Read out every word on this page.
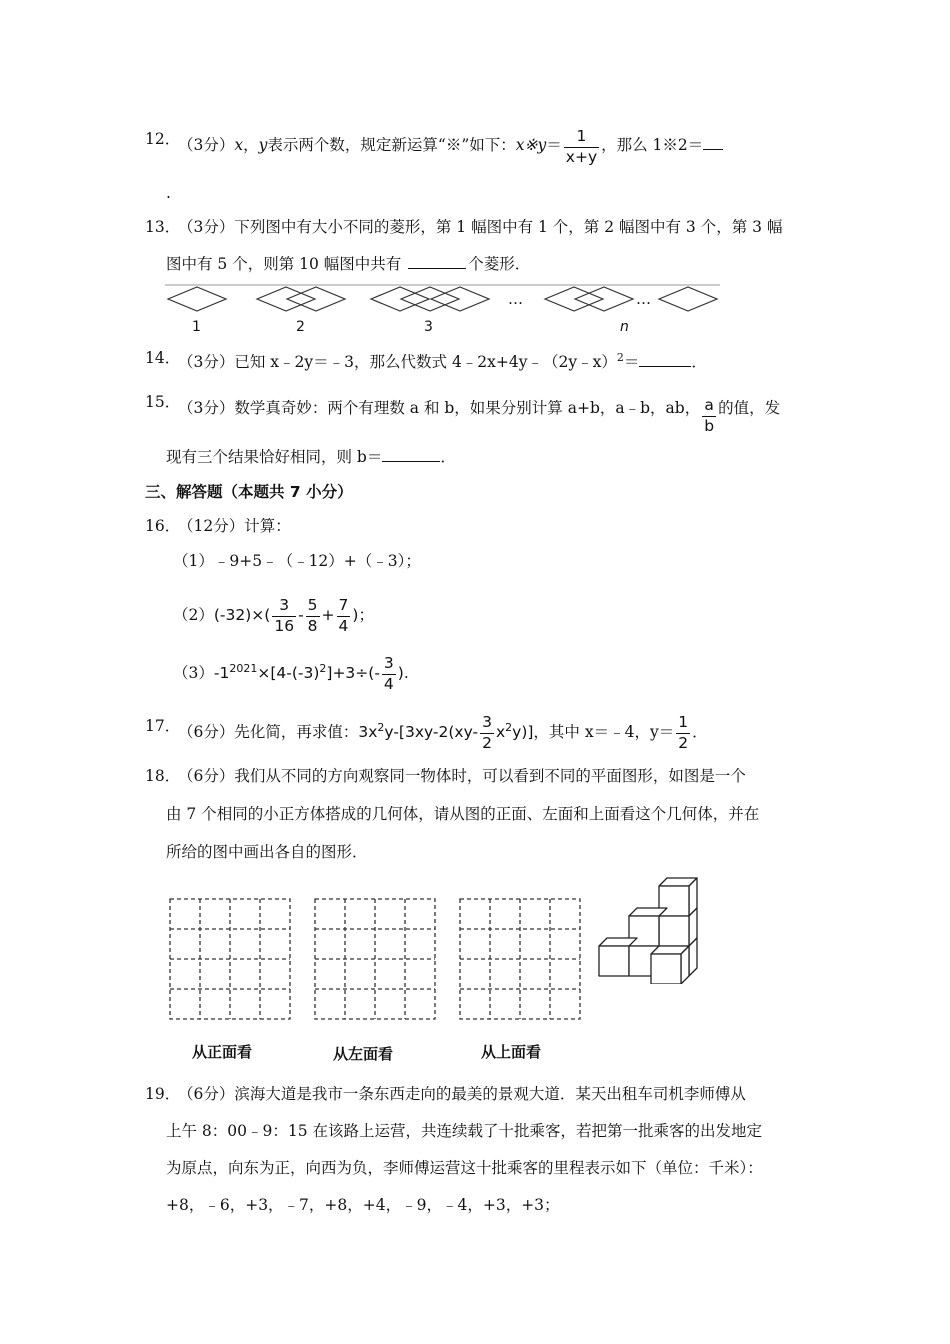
12．
（3分）x，y表示两个数，规定新运算“※”如下：x※y＝ $\frac{1}{x+y}$ ，那么 1※2＝
.
13．
（3分）下列图中有大小不同的菱形，第 1 幅图中有 1 个，第 2 幅图中有 3 个，第 3 幅
图中有 5 个，则第 10 幅图中共有	个菱形．
…	…
1	2	3	n
14．
（3分）已知 x﹣2y＝﹣3，那么代数式 4﹣2x+4y﹣（2y﹣x）$^2$＝	．
15．
（3分）数学真奇妙：两个有理数 a 和 b，如果分别计算 a+b，a﹣b，ab， $\frac{a}{b}$ 的值，发
现有三个结果恰好相同，则 b＝	．
三、解答题（本题共 7 小分）
16．
（12分）计算：
（1）﹣9+5﹣（﹣12）+（﹣3）；
$(2)(-32)\times( \frac{3}{16} - \frac{5}{8} + \frac{7}{4}$ )；
$(3)-1^{2021}\times[4-(-3)^2]+3\div(- \frac{3}{4}$ ).
17．
（6分）先化简，再求值：$3x^2y-[3xy-2(xy- \frac{3}{2} x^2y)]$，其中 x＝﹣4，$y= \frac{1}{2}$ ．
18．
（6分）我们从不同的方向观察同一物体时，可以看到不同的平面图形，如图是一个
由 7 个相同的小正方体搭成的几何体，请从图的正面、左面和上面看这个几何体，并在
所给的图中画出各自的图形．
从正面看	从左面看	从上面看
19．
（6分）滨海大道是我市一条东西走向的最美的景观大道．某天出租车司机李师傅从
上午 8：00﹣9：15 在该路上运营，共连续载了十批乘客，若把第一批乘客的出发地定
为原点，向东为正，向西为负，李师傅运营这十批乘客的里程表示如下（单位：千米）：
+8，﹣6，+3，﹣7，+8，+4，﹣9，﹣4，+3，+3；
